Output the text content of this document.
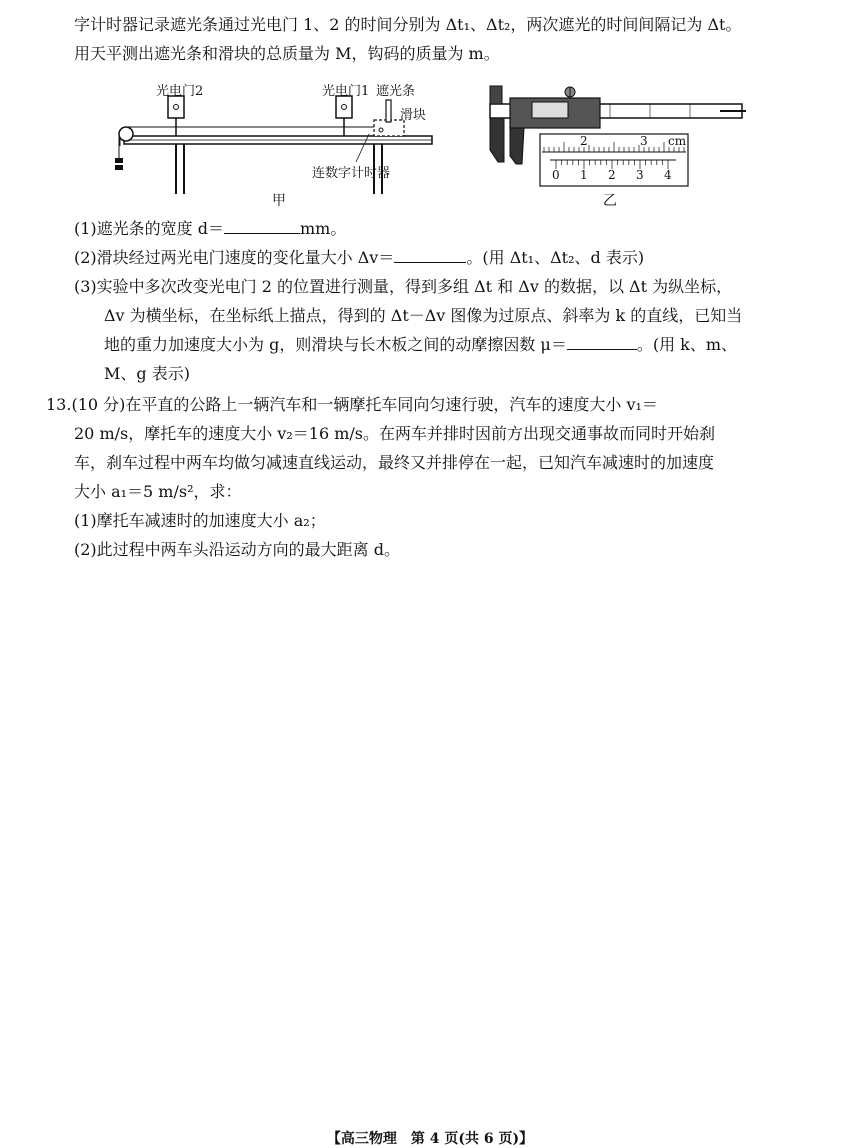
字计时器记录遮光条通过光电门 1、2 的时间分别为 Δt₁、Δt₂，两次遮光的时间间隔记为 Δt。
用天平测出遮光条和滑块的总质量为 M，钩码的质量为 m。
光电门2	光电门1 遮光条
滑块
连数字计时器
甲
2	3 cm
0 1 2 3 4
乙
(1)遮光条的宽度 d＝	mm。
(2)滑块经过两光电门速度的变化量大小 Δv＝	。(用 Δt₁、Δt₂、d 表示)
(3)实验中多次改变光电门 2 的位置进行测量，得到多组 Δt 和 Δv 的数据，以 Δt 为纵坐标，
Δv 为横坐标，在坐标纸上描点，得到的 Δt－Δv 图像为过原点、斜率为 k 的直线，已知当
地的重力加速度大小为 g，则滑块与长木板之间的动摩擦因数 μ＝	。(用 k、m、
M、g 表示)
13.(10 分)在平直的公路上一辆汽车和一辆摩托车同向匀速行驶，汽车的速度大小 v₁＝
20 m/s，摩托车的速度大小 v₂＝16 m/s。在两车并排时因前方出现交通事故而同时开始刹
车，刹车过程中两车均做匀减速直线运动，最终又并排停在一起，已知汽车减速时的加速度
大小 a₁＝5 m/s²，求：
(1)摩托车减速时的加速度大小 a₂；
(2)此过程中两车头沿运动方向的最大距离 d。
【高三物理　第 4 页(共 6 页)】
